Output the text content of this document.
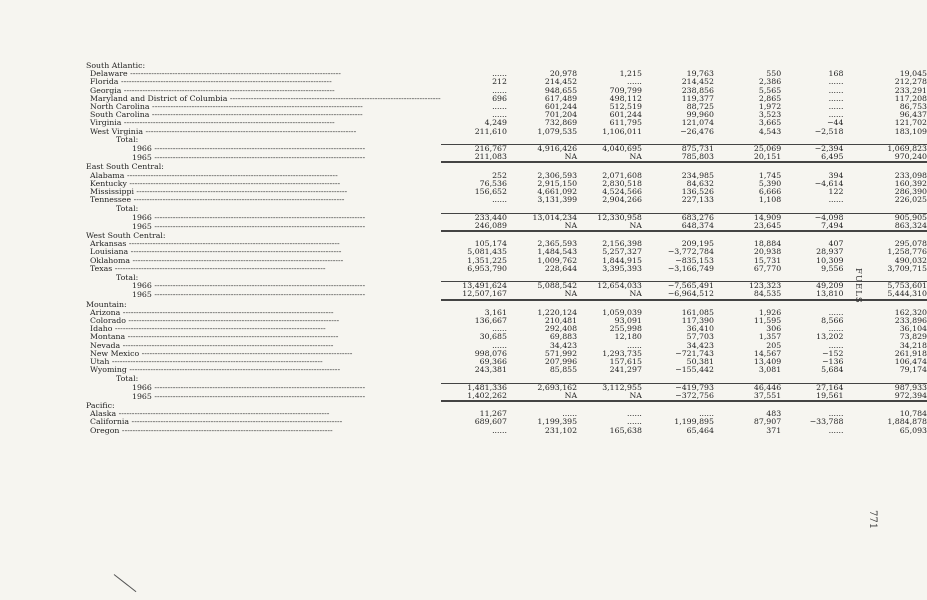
South Atlantic:							
Delaware --------------------------------------------------------------------------------	......	20,978	1,215	19,763	550	168	19,045
Florida --------------------------------------------------------------------------------	212	214,452	......	214,452	2,386	......	212,278
Georgia --------------------------------------------------------------------------------	......	948,655	709,799	238,856	5,565	......	233,291
Maryland and District of Columbia --------------------------------------------------------------------------------	696	617,489	498,112	119,377	2,865	......	117,208
North Carolina --------------------------------------------------------------------------------	......	601,244	512,519	88,725	1,972	......	86,753
South Carolina --------------------------------------------------------------------------------	......	701,204	601,244	99,960	3,523	......	96,437
Virginia --------------------------------------------------------------------------------	4,249	732,869	611,795	121,074	3,665	−44	121,702
West Virginia --------------------------------------------------------------------------------	211,610	1,079,535	1,106,011	−26,476	4,543	−2,518	183,109
Total:							
1966 --------------------------------------------------------------------------------	216,767	4,916,426	4,040,695	875,731	25,069	−2,394	1,069,823
1965 --------------------------------------------------------------------------------	211,083	NA	NA	785,803	20,151	6,495	970,240
East South Central:							
Alabama --------------------------------------------------------------------------------	252	2,306,593	2,071,608	234,985	1,745	394	233,098
Kentucky --------------------------------------------------------------------------------	76,536	2,915,150	2,830,518	84,632	5,390	−4,614	160,392
Mississippi --------------------------------------------------------------------------------	156,652	4,661,092	4,524,566	136,526	6,666	122	286,390
Tennessee --------------------------------------------------------------------------------	......	3,131,399	2,904,266	227,133	1,108	......	226,025
Total:							
1966 --------------------------------------------------------------------------------	233,440	13,014,234	12,330,958	683,276	14,909	−4,098	905,905
1965 --------------------------------------------------------------------------------	246,089	NA	NA	648,374	23,645	7,494	863,324
West South Central:							
Arkansas --------------------------------------------------------------------------------	105,174	2,365,593	2,156,398	209,195	18,884	407	295,078
Louisiana --------------------------------------------------------------------------------	5,081,435	1,484,543	5,257,327	−3,772,784	20,938	28,937	1,258,776
Oklahoma --------------------------------------------------------------------------------	1,351,225	1,009,762	1,844,915	−835,153	15,731	10,309	490,032
Texas --------------------------------------------------------------------------------	6,953,790	228,644	3,395,393	−3,166,749	67,770	9,556	3,709,715
Total:							
1966 --------------------------------------------------------------------------------	13,491,624	5,088,542	12,654,033	−7,565,491	123,323	49,209	5,753,601
1965 --------------------------------------------------------------------------------	12,507,167	NA	NA	−6,964,512	84,535	13,810	5,444,310
Mountain:							
Arizona --------------------------------------------------------------------------------	3,161	1,220,124	1,059,039	161,085	1,926	......	162,320
Colorado --------------------------------------------------------------------------------	136,667	210,481	93,091	117,390	11,595	8,566	233,896
Idaho --------------------------------------------------------------------------------	......	292,408	255,998	36,410	306	......	36,104
Montana --------------------------------------------------------------------------------	30,685	69,883	12,180	57,703	1,357	13,202	73,829
Nevada --------------------------------------------------------------------------------	......	34,423	......	34,423	205	......	34,218
New Mexico --------------------------------------------------------------------------------	998,076	571,992	1,293,735	−721,743	14,567	−152	261,918
Utah --------------------------------------------------------------------------------	69,366	207,996	157,615	50,381	13,409	−136	106,474
Wyoming --------------------------------------------------------------------------------	243,381	85,855	241,297	−155,442	3,081	5,684	79,174
Total:							
1966 --------------------------------------------------------------------------------	1,481,336	2,693,162	3,112,955	−419,793	46,446	27,164	987,933
1965 --------------------------------------------------------------------------------	1,402,262	NA	NA	−372,756	37,551	19,561	972,394
Pacific:							
Alaska --------------------------------------------------------------------------------	11,267	......	......	......	483	......	10,784
California --------------------------------------------------------------------------------	689,607	1,199,395	......	1,199,895	87,907	−33,788	1,884,878
Oregon --------------------------------------------------------------------------------	......	231,102	165,638	65,464	371	......	65,093
FUELS
771
